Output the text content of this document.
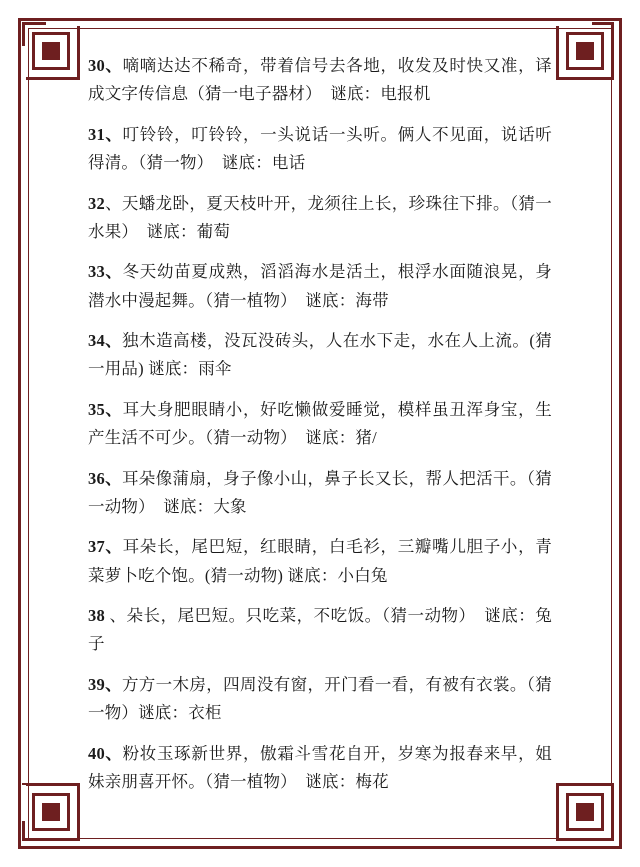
30、嘀嘀达达不稀奇，带着信号去各地，收发及时快又准，译成文字传信息（猜一电子器材）　谜底：电报机

31、叮铃铃，叮铃铃，一头说话一头听。俩人不见面，说话听得清。（猜一物）　谜底：电话

32、天蟠龙卧，夏天枝叶开，龙须往上长，珍珠往下排。（猜一水果）　谜底：葡萄

33、冬天幼苗夏成熟，滔滔海水是活土，根浮水面随浪晃，身潜水中漫起舞。（猜一植物）　谜底：海带

34、独木造高楼，没瓦没砖头，人在水下走，水在人上流。(猜一用品) 谜底：雨伞

35、耳大身肥眼睛小，好吃懒做爱睡觉，模样虽丑浑身宝，生产生活不可少。（猜一动物）　谜底：猪/

36、耳朵像蒲扇，身子像小山，鼻子长又长，帮人把活干。（猜一动物）　谜底：大象

37、耳朵长，尾巴短，红眼睛，白毛衫，三瓣嘴儿胆子小，青菜萝卜吃个饱。(猜一动物) 谜底：小白兔

38 、朵长，尾巴短。只吃菜，不吃饭。（猜一动物）　谜底：兔子

39、方方一木房，四周没有窗，开门看一看，有被有衣裳。（猜一物）谜底：衣柜

40、粉妆玉琢新世界，傲霜斗雪花自开，岁寒为报春来早，姐妹亲朋喜开怀。（猜一植物）　谜底：梅花
